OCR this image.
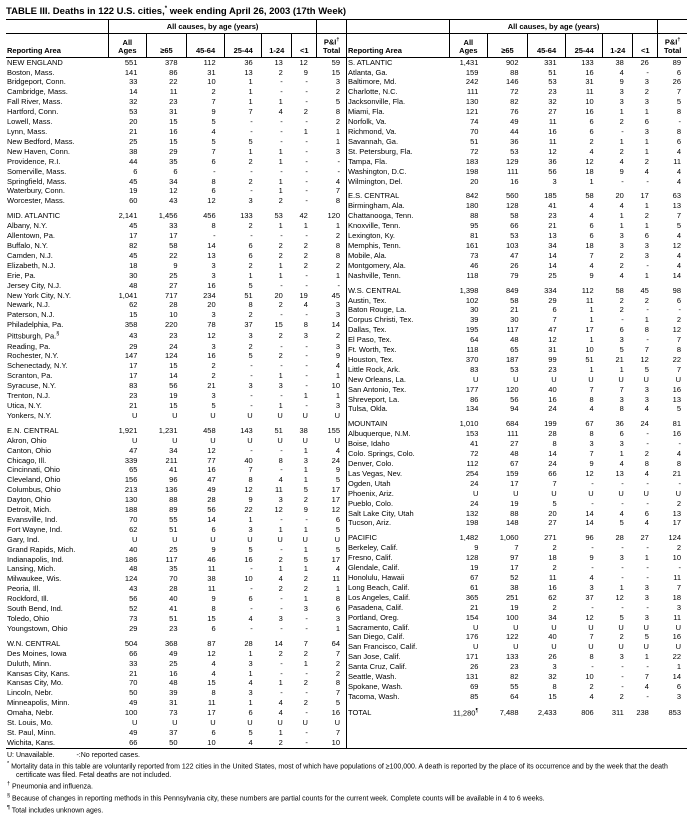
TABLE III. Deaths in 122 U.S. cities,* week ending April 26, 2003 (17th Week)
	All causes, by age (years)						
Reporting Area	All Ages	≥65	45-64	25-44	1-24	<1	P&I†
Total

NEW ENGLAND	551	378	112	36	13	12	59
Boston, Mass.	141	86	31	13	2	9	15
Bridgeport, Conn.	33	22	10	1	-	-	3
Cambridge, Mass.	14	11	2	1	-	-	2
Fall River, Mass.	32	23	7	1	1	-	5
Hartford, Conn.	53	31	9	7	4	2	8
Lowell, Mass.	20	15	5	-	-	-	2
Lynn, Mass.	21	16	4	-	-	1	1
New Bedford, Mass.	25	15	5	5	-	-	1
New Haven, Conn.	38	29	7	1	1	-	3
Providence, R.I.	44	35	6	2	1	-	-
Somerville, Mass.	6	6	-	-	-	-	-
Springfield, Mass.	45	34	8	2	1	-	4
Waterbury, Conn.	19	12	6	-	1	-	7
Worcester, Mass.	60	43	12	3	2	-	8
MID. ATLANTIC	2,141	1,456	456	133	53	42	120
Albany, N.Y.	45	33	8	2	1	1	1
Allentown, Pa.	17	17	-	-	-	-	2
Buffalo, N.Y.	82	58	14	6	2	2	8
Camden, N.J.	45	22	13	6	2	2	8
Elizabeth, N.J.	18	9	3	2	1	2	2
Erie, Pa.	30	25	3	1	1	-	1
Jersey City, N.J.	48	27	16	5	-	-	-
New York City, N.Y.	1,041	717	234	51	20	19	45
Newark, N.J.	62	28	20	8	2	4	3
Paterson, N.J.	15	10	3	2	-	-	3
Philadelphia, Pa.	358	220	78	37	15	8	14
Pittsburgh, Pa.§	43	23	12	3	2	3	2
Reading, Pa.	29	24	3	2	-	-	3
Rochester, N.Y.	147	124	16	5	2	-	9
Schenectady, N.Y.	17	15	2	-	-	-	4
Scranton, Pa.	17	14	2	-	1	-	1
Syracuse, N.Y.	83	56	21	3	3	-	10
Trenton, N.J.	23	19	3	-	-	1	1
Utica, N.Y.	21	15	5	-	1	-	3
Yonkers, N.Y.	U	U	U	U	U	U	U
E.N. CENTRAL	1,921	1,231	458	143	51	38	155
Akron, Ohio	U	U	U	U	U	U	U
Canton, Ohio	47	34	12	-	-	1	4
Chicago, Ill.	339	211	77	40	8	3	24
Cincinnati, Ohio	65	41	16	7	-	1	9
Cleveland, Ohio	156	96	47	8	4	1	5
Columbus, Ohio	213	136	49	12	11	5	17
Dayton, Ohio	130	88	28	9	3	2	17
Detroit, Mich.	188	89	56	22	12	9	12
Evansville, Ind.	70	55	14	1	-	-	6
Fort Wayne, Ind.	62	51	6	3	1	1	5
Gary, Ind.	U	U	U	U	U	U	U
Grand Rapids, Mich.	40	25	9	5	-	1	5
Indianapolis, Ind.	186	117	46	16	2	5	17
Lansing, Mich.	48	35	11	-	1	1	4
Milwaukee, Wis.	124	70	38	10	4	2	11
Peoria, Ill.	43	28	11	-	2	2	1
Rockford, Ill.	56	40	9	6	-	1	8
South Bend, Ind.	52	41	8	-	-	3	6
Toledo, Ohio	73	51	15	4	3	-	3
Youngstown, Ohio	29	23	6	-	-	-	1
W.N. CENTRAL	504	368	87	28	14	7	64
Des Moines, Iowa	66	49	12	1	2	2	7
Duluth, Minn.	33	25	4	3	-	1	2
Kansas City, Kans.	21	16	4	1	-	-	2
Kansas City, Mo.	70	48	15	4	1	2	8
Lincoln, Nebr.	50	39	8	3	-	-	7
Minneapolis, Minn.	49	31	11	1	4	2	5
Omaha, Nebr.	100	73	17	6	4	-	16
St. Louis, Mo.	U	U	U	U	U	U	U
St. Paul, Minn.	49	37	6	5	1	-	7
Wichita, Kans.	66	50	10	4	2	-	10
	All causes, by age (years)						
Reporting Area	All Ages	≥65	45-64	25-44	1-24	<1	P&I†
Total

S. ATLANTIC	1,431	902	331	133	38	26	89
Atlanta, Ga.	159	88	51	16	4	-	6
Baltimore, Md.	242	146	53	31	9	3	26
Charlotte, N.C.	111	72	23	11	3	2	7
Jacksonville, Fla.	130	82	32	10	3	3	5
Miami, Fla.	121	76	27	16	1	1	8
Norfolk, Va.	74	49	11	6	2	6	-
Richmond, Va.	70	44	16	6	-	3	8
Savannah, Ga.	51	36	11	2	1	1	6
St. Petersburg, Fla.	72	53	12	4	2	1	4
Tampa, Fla.	183	129	36	12	4	2	11
Washington, D.C.	198	111	56	18	9	4	4
Wilmington, Del.	20	16	3	1	-	-	4
E.S. CENTRAL	842	560	185	58	20	17	63
Birmingham, Ala.	180	128	41	4	4	1	13
Chattanooga, Tenn.	88	58	23	4	1	2	7
Knoxville, Tenn.	95	66	21	6	1	1	5
Lexington, Ky.	81	53	13	6	3	6	4
Memphis, Tenn.	161	103	34	18	3	3	12
Mobile, Ala.	73	47	14	7	2	3	4
Montgomery, Ala.	46	26	14	4	2	-	4
Nashville, Tenn.	118	79	25	9	4	1	14
W.S. CENTRAL	1,398	849	334	112	58	45	98
Austin, Tex.	102	58	29	11	2	2	6
Baton Rouge, La.	30	21	6	1	2	-	-
Corpus Christi, Tex.	39	30	7	1	-	1	2
Dallas, Tex.	195	117	47	17	6	8	12
El Paso, Tex.	64	48	12	1	3	-	7
Ft. Worth, Tex.	118	65	31	10	5	7	8
Houston, Tex.	370	187	99	51	21	12	22
Little Rock, Ark.	83	53	23	1	1	5	7
New Orleans, La.	U	U	U	U	U	U	U
San Antonio, Tex.	177	120	40	7	7	3	16
Shreveport, La.	86	56	16	8	3	3	13
Tulsa, Okla.	134	94	24	4	8	4	5
MOUNTAIN	1,010	684	199	67	36	24	81
Albuquerque, N.M.	153	111	28	8	6	-	16
Boise, Idaho	41	27	8	3	3	-	-
Colo. Springs, Colo.	72	48	14	7	1	2	4
Denver, Colo.	112	67	24	9	4	8	8
Las Vegas, Nev.	254	159	66	12	13	4	21
Ogden, Utah	24	17	7	-	-	-	-
Phoenix, Ariz.	U	U	U	U	U	U	U
Pueblo, Colo.	24	19	5	-	-	-	2
Salt Lake City, Utah	132	88	20	14	4	6	13
Tucson, Ariz.	198	148	27	14	5	4	17
PACIFIC	1,482	1,060	271	96	28	27	124
Berkeley, Calif.	9	7	2	-	-	-	2
Fresno, Calif.	128	97	18	9	3	1	10
Glendale, Calif.	19	17	2	-	-	-	-
Honolulu, Hawaii	67	52	11	4	-	-	11
Long Beach, Calif.	61	38	16	3	1	3	7
Los Angeles, Calif.	365	251	62	37	12	3	18
Pasadena, Calif.	21	19	2	-	-	-	3
Portland, Oreg.	154	100	34	12	5	3	11
Sacramento, Calif.	U	U	U	U	U	U	U
San Diego, Calif.	176	122	40	7	2	5	16
San Francisco, Calif.	U	U	U	U	U	U	U
San Jose, Calif.	171	133	26	8	3	1	22
Santa Cruz, Calif.	26	23	3	-	-	-	1
Seattle, Wash.	131	82	32	10	-	7	14
Spokane, Wash.	69	55	8	2	-	4	6
Tacoma, Wash.	85	64	15	4	2	-	3
TOTAL	11,280¶	7,488	2,433	806	311	238	853
U: Unavailable.	-:No reported cases.
* Mortality data in this table are voluntarily reported from 122 cities in the United States, most of which have populations of ≥100,000. A death is reported by the place of its occurrence and by the week that the death certificate was filed. Fetal deaths are not included.
† Pneumonia and influenza.
§ Because of changes in reporting methods in this Pennsylvania city, these numbers are partial counts for the current week. Complete counts will be available in 4 to 6 weeks.
¶ Total includes unknown ages.
